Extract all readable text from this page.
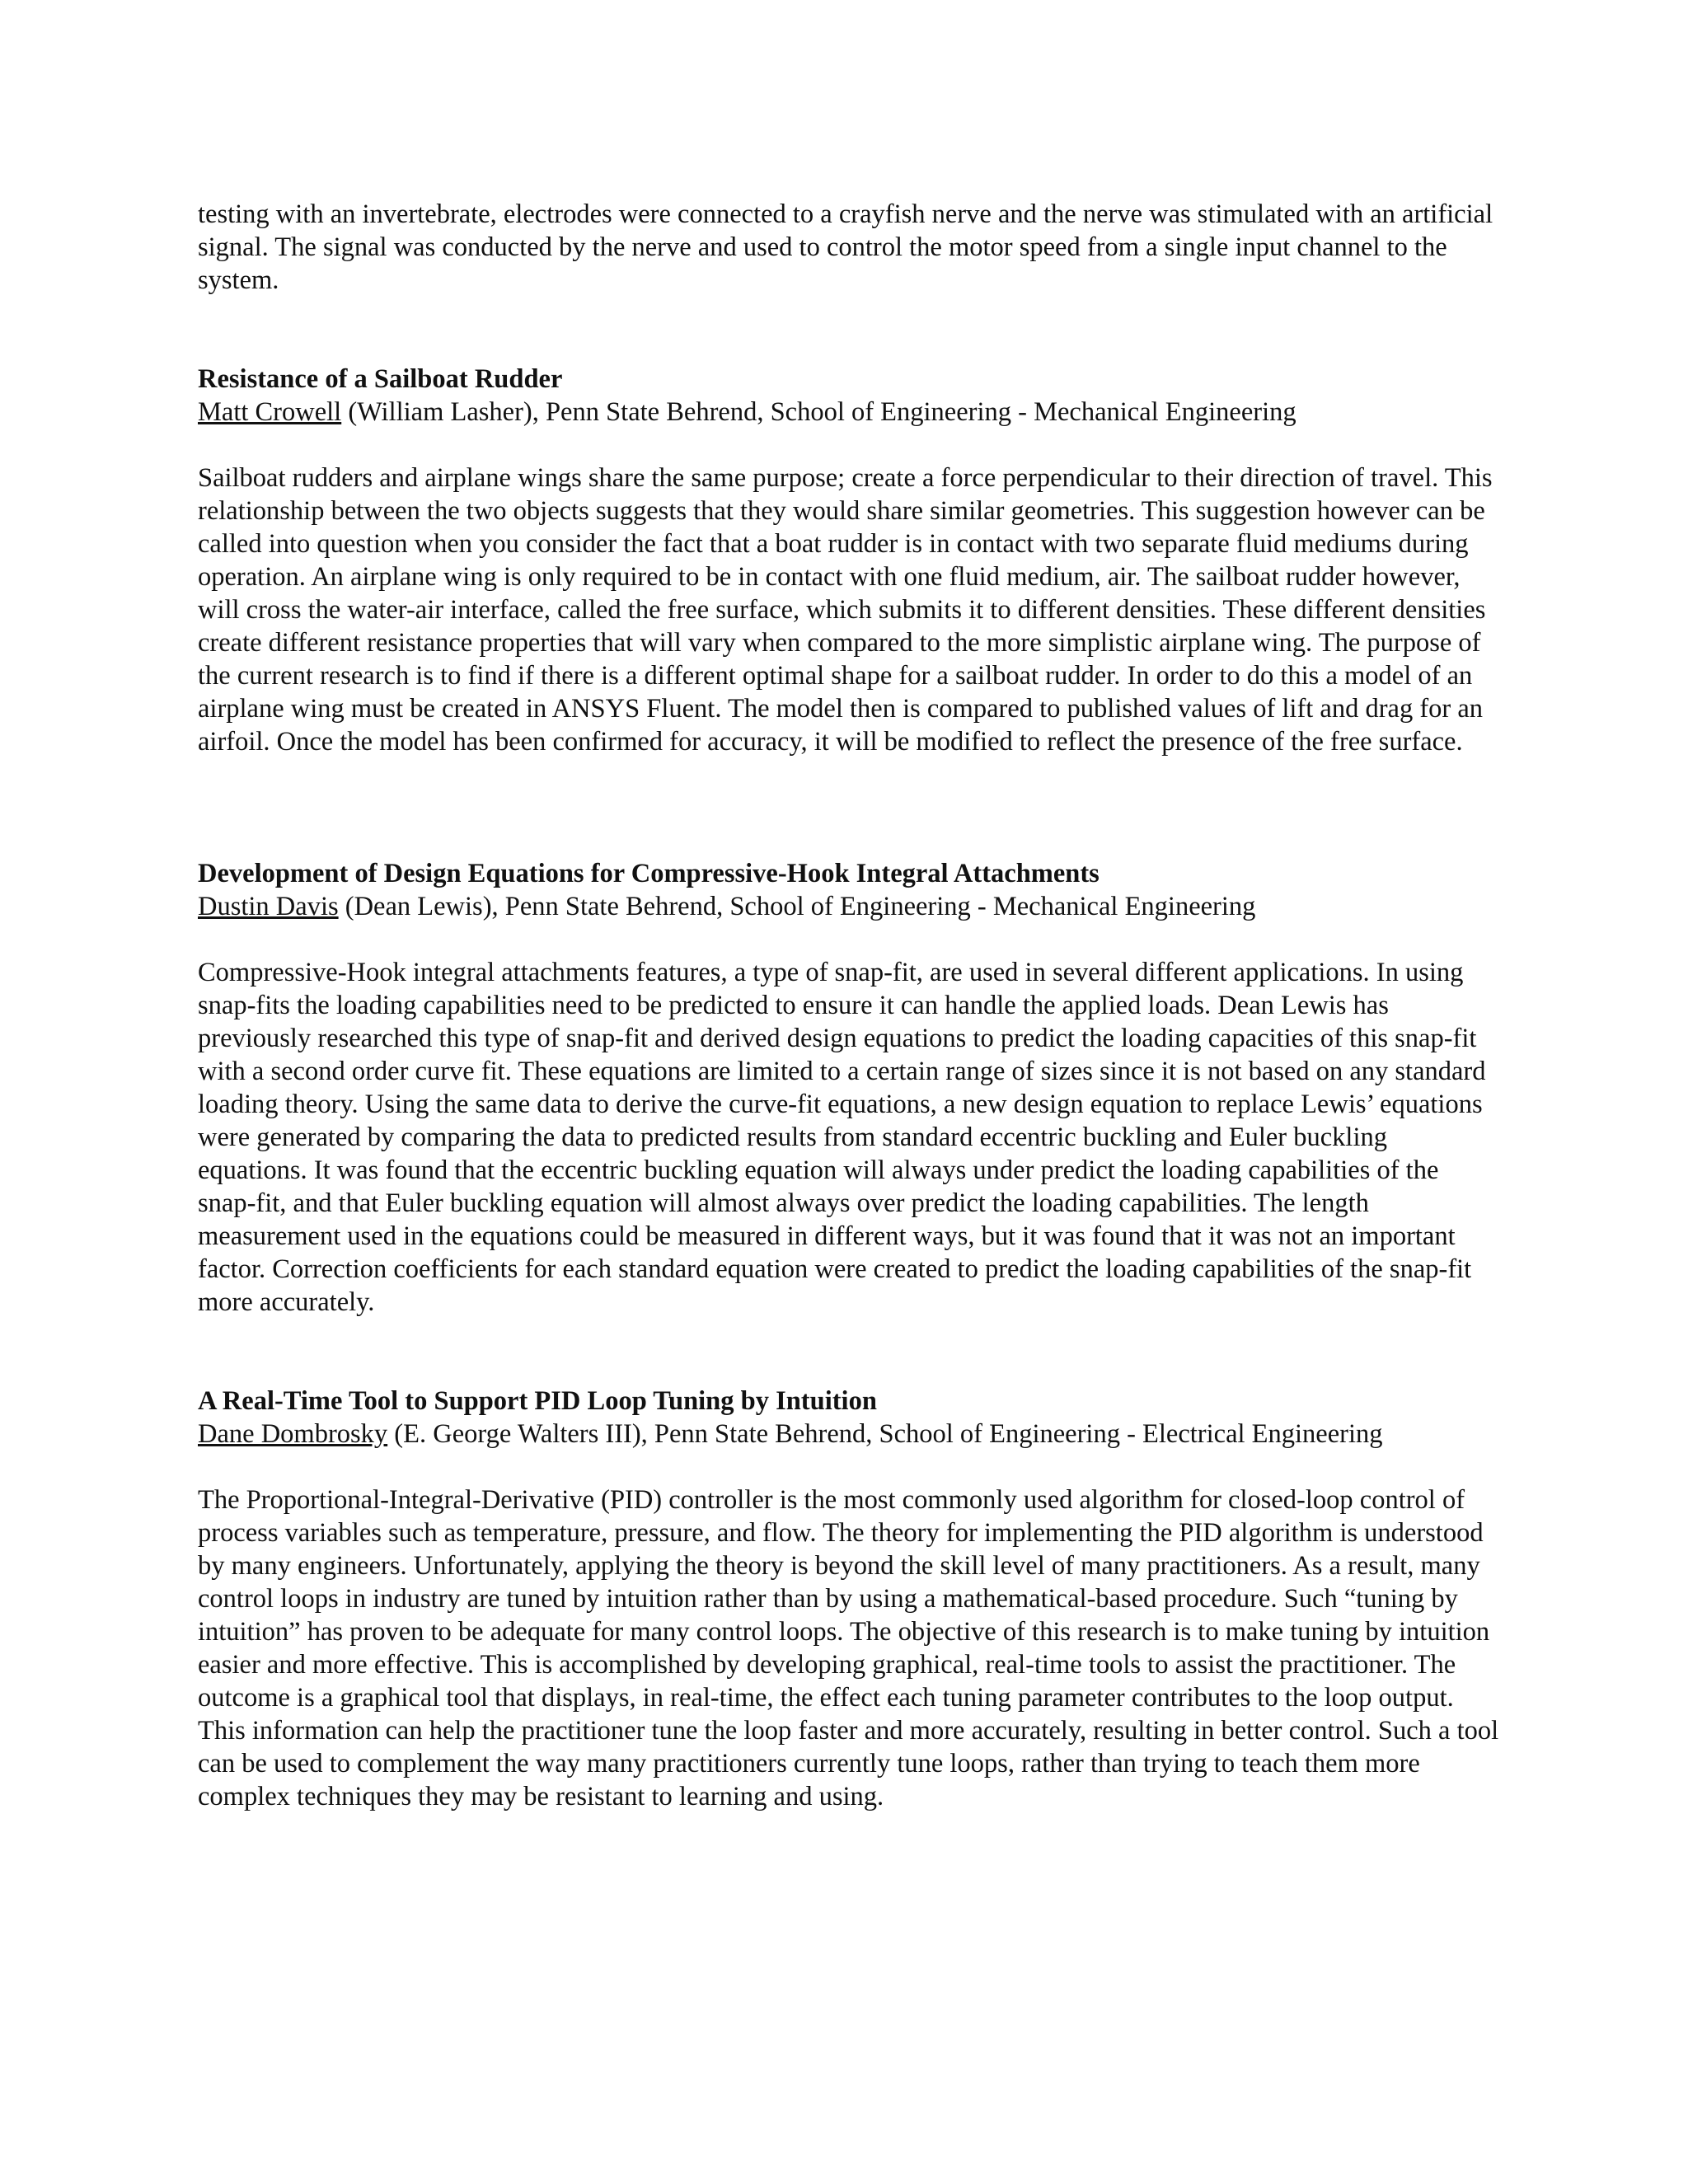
testing with an invertebrate, electrodes were connected to a crayfish nerve and the nerve was stimulated with an artificial signal. The signal was conducted by the nerve and used to control the motor speed from a single input channel to the system.

Resistance of a Sailboat Rudder
Matt Crowell (William Lasher), Penn State Behrend, School of Engineering - Mechanical Engineering

Sailboat rudders and airplane wings share the same purpose; create a force perpendicular to their direction of travel. This relationship between the two objects suggests that they would share similar geometries. This suggestion however can be called into question when you consider the fact that a boat rudder is in contact with two separate fluid mediums during operation. An airplane wing is only required to be in contact with one fluid medium, air. The sailboat rudder however, will cross the water-air interface, called the free surface, which submits it to different densities. These different densities create different resistance properties that will vary when compared to the more simplistic airplane wing. The purpose of the current research is to find if there is a different optimal shape for a sailboat rudder. In order to do this a model of an airplane wing must be created in ANSYS Fluent. The model then is compared to published values of lift and drag for an airfoil. Once the model has been confirmed for accuracy, it will be modified to reflect the presence of the free surface.

Development of Design Equations for Compressive-Hook Integral Attachments
Dustin Davis (Dean Lewis), Penn State Behrend, School of Engineering - Mechanical Engineering

Compressive-Hook integral attachments features, a type of snap-fit, are used in several different applications. In using snap-fits the loading capabilities need to be predicted to ensure it can handle the applied loads. Dean Lewis has previously researched this type of snap-fit and derived design equations to predict the loading capacities of this snap-fit with a second order curve fit. These equations are limited to a certain range of sizes since it is not based on any standard loading theory. Using the same data to derive the curve-fit equations, a new design equation to replace Lewis’ equations were generated by comparing the data to predicted results from standard eccentric buckling and Euler buckling equations. It was found that the eccentric buckling equation will always under predict the loading capabilities of the snap-fit, and that Euler buckling equation will almost always over predict the loading capabilities. The length measurement used in the equations could be measured in different ways, but it was found that it was not an important factor. Correction coefficients for each standard equation were created to predict the loading capabilities of the snap-fit more accurately.

A Real-Time Tool to Support PID Loop Tuning by Intuition
Dane Dombrosky (E. George Walters III), Penn State Behrend, School of Engineering - Electrical Engineering

The Proportional-Integral-Derivative (PID) controller is the most commonly used algorithm for closed-loop control of process variables such as temperature, pressure, and flow. The theory for implementing the PID algorithm is understood by many engineers. Unfortunately, applying the theory is beyond the skill level of many practitioners. As a result, many control loops in industry are tuned by intuition rather than by using a mathematical-based procedure. Such “tuning by intuition” has proven to be adequate for many control loops. The objective of this research is to make tuning by intuition easier and more effective. This is accomplished by developing graphical, real-time tools to assist the practitioner. The outcome is a graphical tool that displays, in real-time, the effect each tuning parameter contributes to the loop output. This information can help the practitioner tune the loop faster and more accurately, resulting in better control. Such a tool can be used to complement the way many practitioners currently tune loops, rather than trying to teach them more complex techniques they may be resistant to learning and using.
